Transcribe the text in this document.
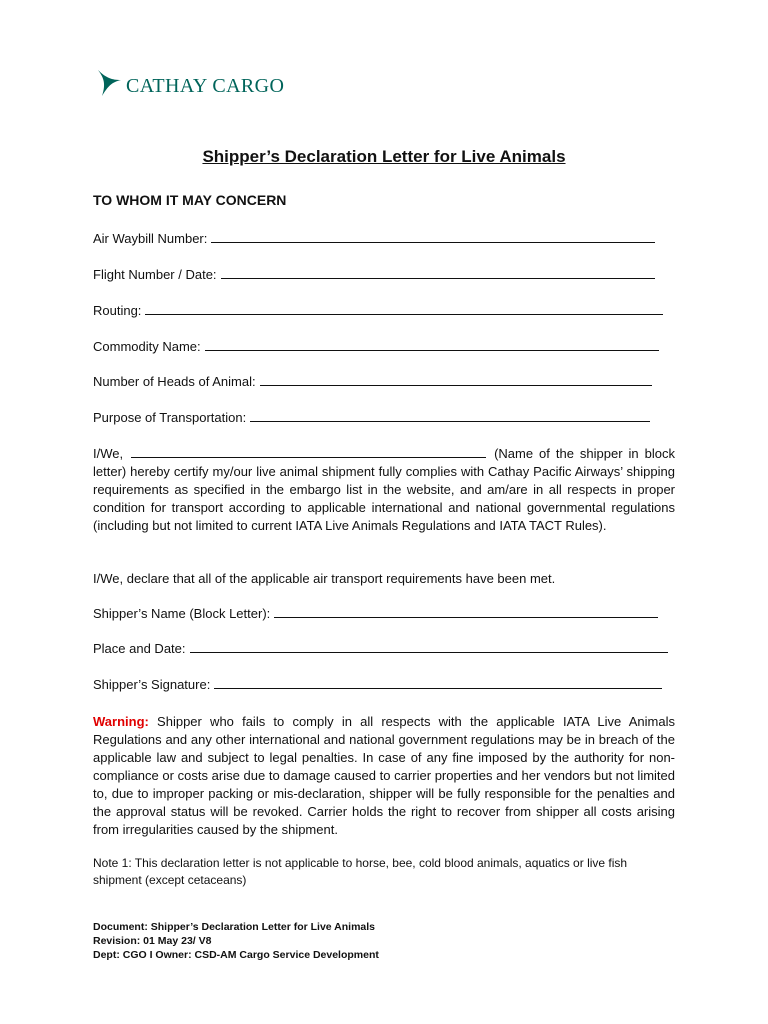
CATHAY CARGO
Shipper’s Declaration Letter for Live Animals
TO WHOM IT MAY CONCERN
Air Waybill Number:
Flight Number / Date:
Routing:
Commodity Name:
Number of Heads of Animal:
Purpose of Transportation:
I/We,	(Name of the shipper in block letter) hereby certify my/our live animal shipment fully complies with Cathay Pacific Airways’ shipping requirements as specified in the embargo list in the website, and am/are in all respects in proper condition for transport according to applicable international and national governmental regulations (including but not limited to current IATA Live Animals Regulations and IATA TACT Rules).
I/We, declare that all of the applicable air transport requirements have been met.
Shipper’s Name (Block Letter):
Place and Date:
Shipper’s Signature:
Warning: Shipper who fails to comply in all respects with the applicable IATA Live Animals Regulations and any other international and national government regulations may be in breach of the applicable law and subject to legal penalties. In case of any fine imposed by the authority for non-compliance or costs arise due to damage caused to carrier properties and her vendors but not limited to, due to improper packing or mis-declaration, shipper will be fully responsible for the penalties and the approval status will be revoked. Carrier holds the right to recover from shipper all costs arising from irregularities caused by the shipment.
Note 1: This declaration letter is not applicable to horse, bee, cold blood animals, aquatics or live fish shipment (except cetaceans)
Document: Shipper’s Declaration Letter for Live Animals
Revision: 01 May 23/ V8
Dept: CGO I Owner: CSD-AM Cargo Service Development
